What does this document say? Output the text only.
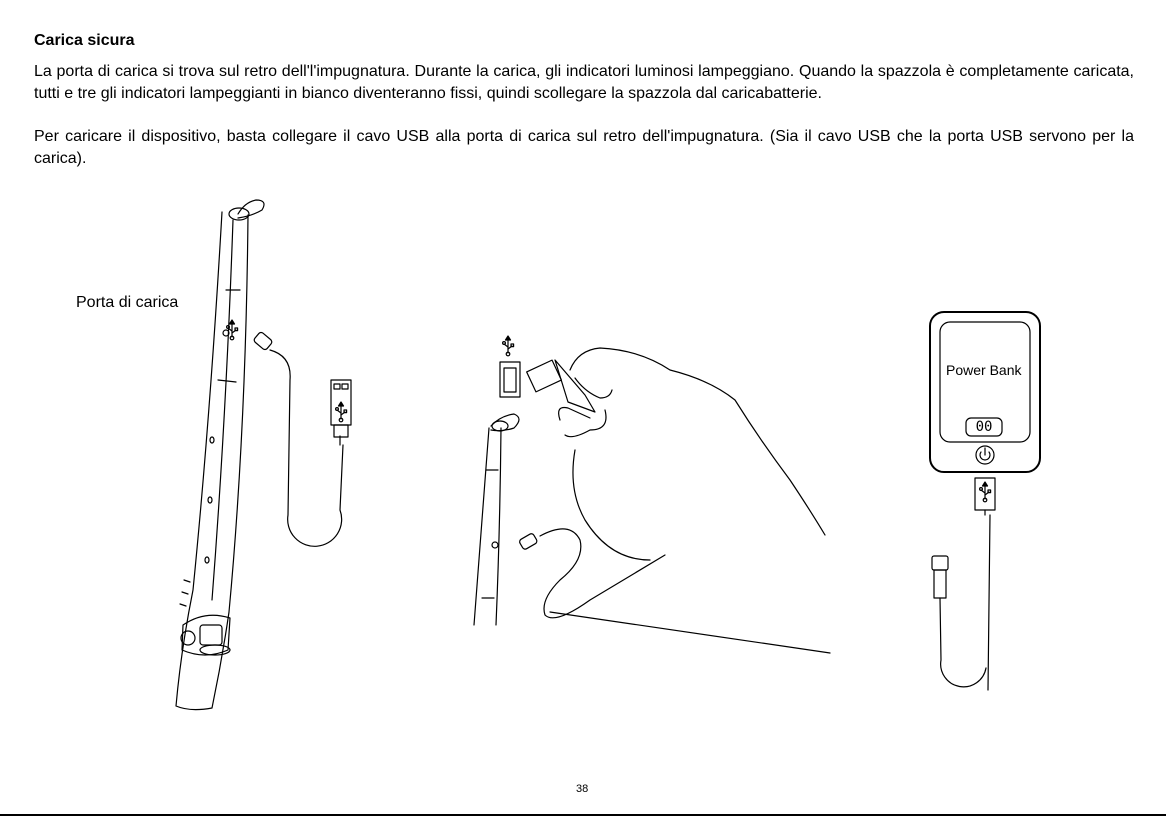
Carica sicura

La porta di carica si trova sul retro dell'l'impugnatura. Durante la carica, gli indicatori luminosi lampeggiano. Quando la spazzola è completamente caricata, tutti e tre gli indicatori lampeggianti in bianco diventeranno fissi, quindi scollegare la spazzola dal caricabatterie.

Per caricare il dispositivo, basta collegare il cavo USB alla porta di carica sul retro dell'impugnatura. (Sia il cavo USB che la porta USB servono per la carica).

Porta di carica
Power Bank
00
38
